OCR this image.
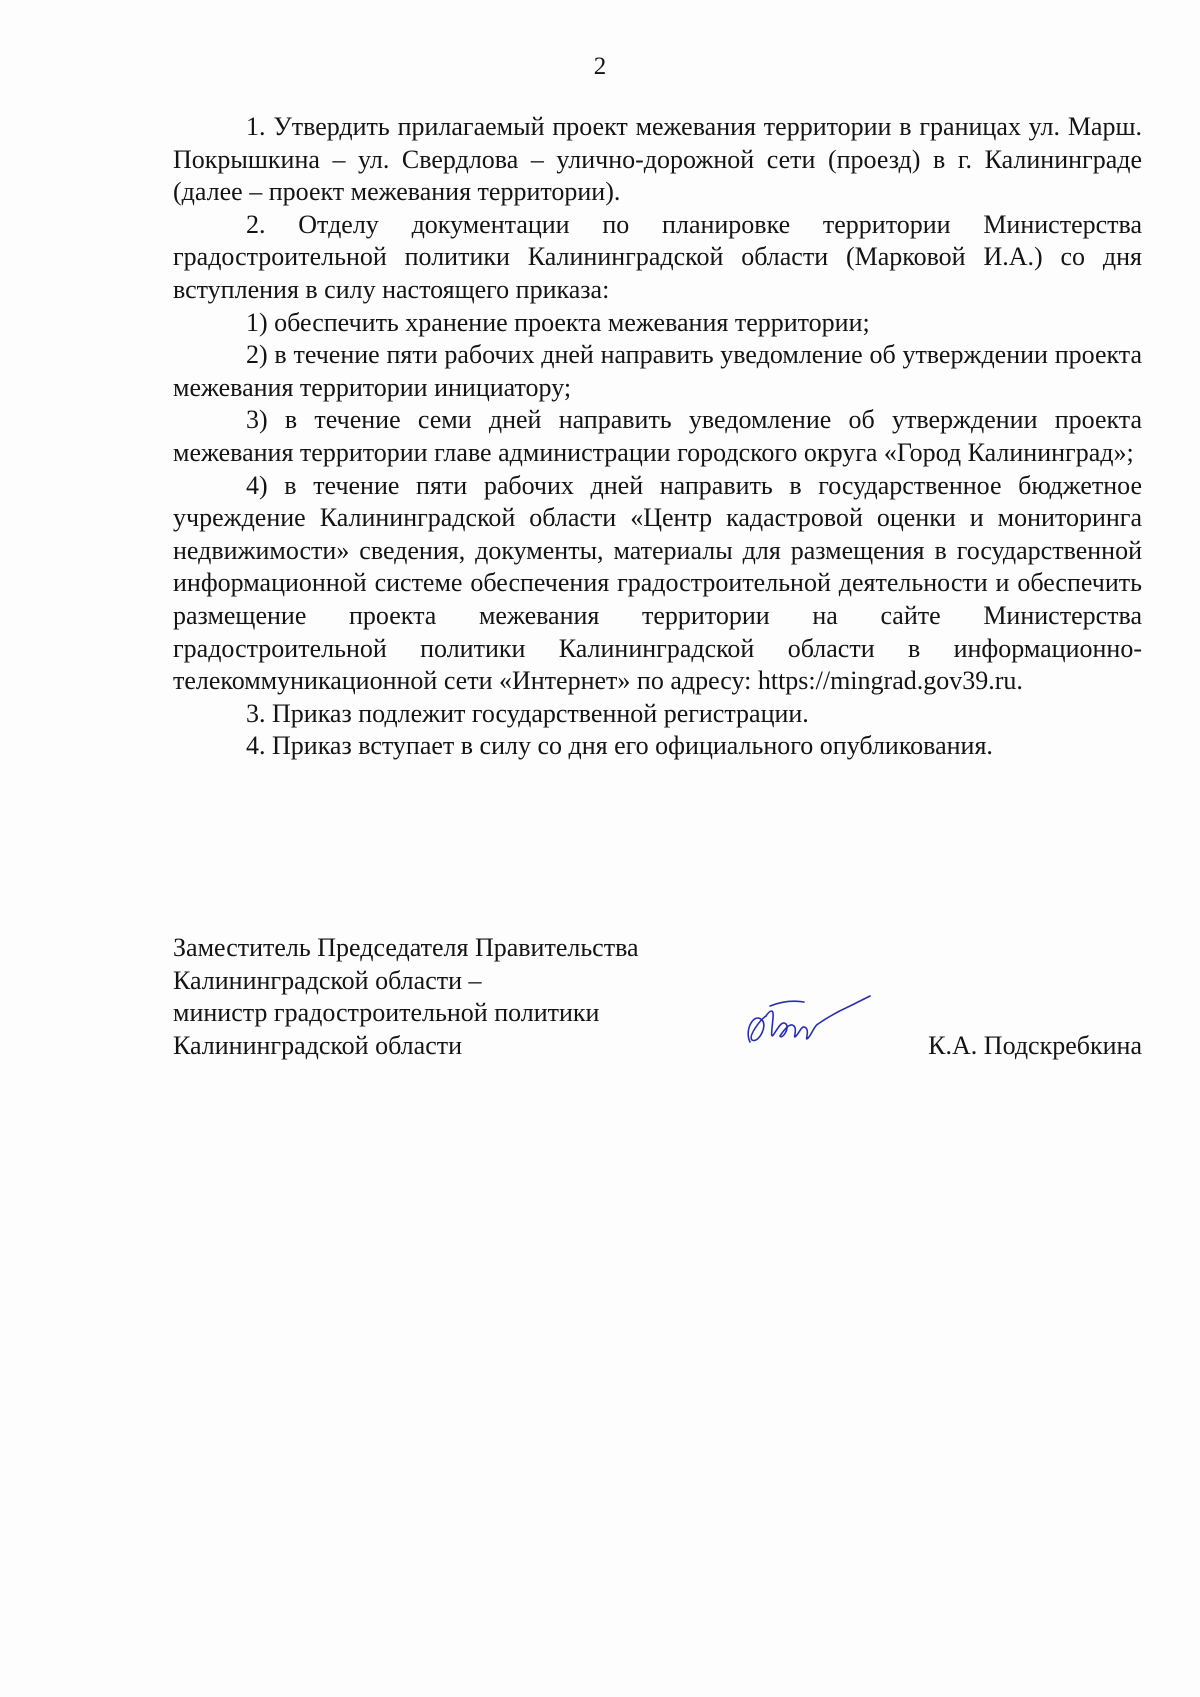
2

1. Утвердить прилагаемый проект межевания территории в границах ул. Марш. Покрышкина – ул. Свердлова – улично-дорожной сети (проезд) в г. Калининграде (далее – проект межевания территории).

2. Отделу документации по планировке территории Министерства градостроительной политики Калининградской области (Марковой И.А.) со дня вступления в силу настоящего приказа:

1) обеспечить хранение проекта межевания территории;

2) в течение пяти рабочих дней направить уведомление об утверждении проекта межевания территории инициатору;

3) в течение семи дней направить уведомление об утверждении проекта межевания территории главе администрации городского округа «Город Калининград»;

4) в течение пяти рабочих дней направить в государственное бюджетное учреждение Калининградской области «Центр кадастровой оценки и мониторинга недвижимости» сведения, документы, материалы для размещения в государственной информационной системе обеспечения градостроительной деятельности и обеспечить размещение проекта межевания территории на сайте Министерства градостроительной политики Калининградской области в информационно-телекоммуникационной сети «Интернет» по адресу: https://mingrad.gov39.ru.

3. Приказ подлежит государственной регистрации.

4. Приказ вступает в силу со дня его официального опубликования.

Заместитель Председателя Правительства
Калининградской области –
министр градостроительной политики
Калининградской области	К.А. Подскребкина
